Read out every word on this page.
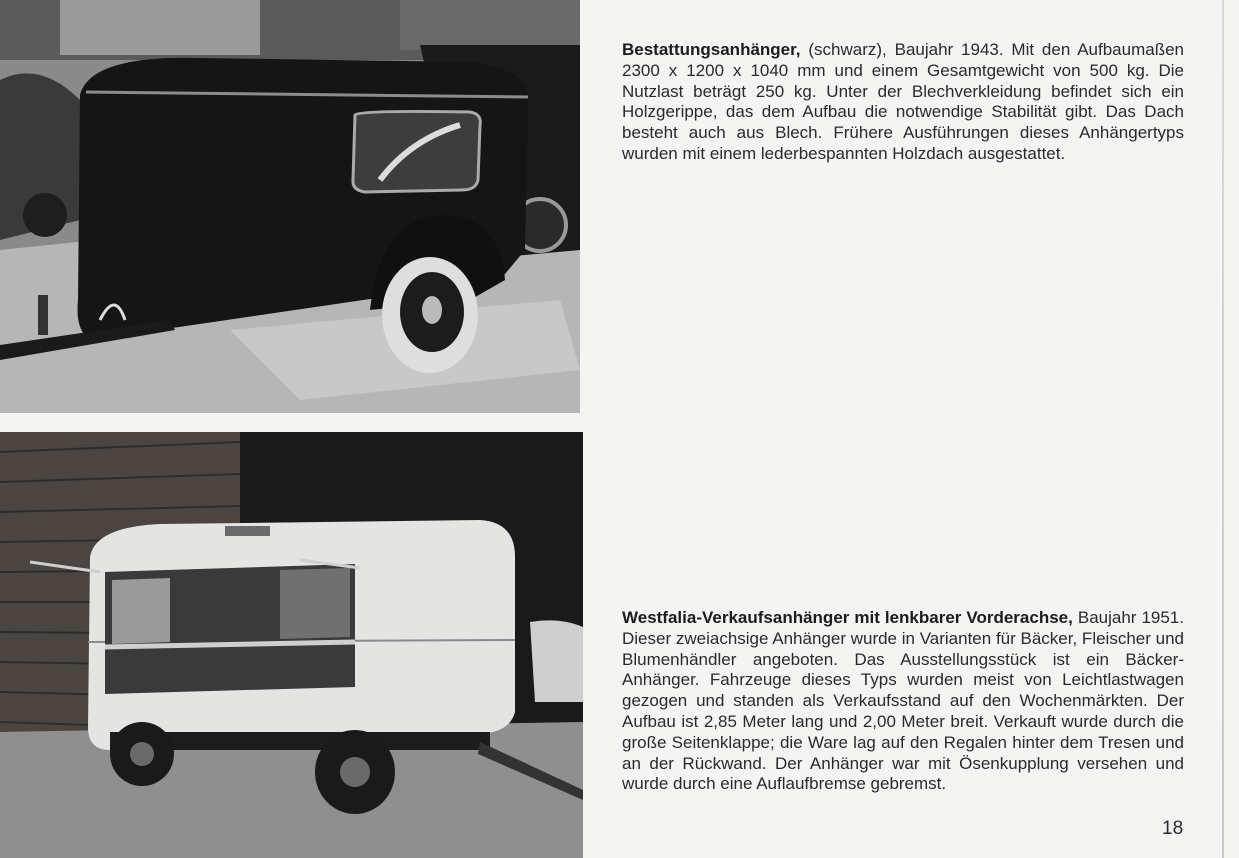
Bestattungsanhänger, (schwarz), Baujahr 1943. Mit den Aufbaumaßen 2300 x 1200 x 1040 mm und einem Gesamtgewicht von 500 kg. Die Nutzlast beträgt 250 kg. Unter der Blechverkleidung befindet sich ein Holzgerippe, das dem Aufbau die notwendige Stabilität gibt. Das Dach besteht auch aus Blech. Frühere Ausführungen dieses Anhängertyps wurden mit einem lederbespannten Holzdach ausgestattet.

Westfalia-Verkaufsanhänger mit lenkbarer Vorderachse, Baujahr 1951. Dieser zweiachsige Anhänger wurde in Varianten für Bäcker, Fleischer und Blumenhändler angeboten. Das Ausstellungsstück ist ein Bäcker-Anhänger. Fahrzeuge dieses Typs wurden meist von Leichtlastwagen gezogen und standen als Verkaufsstand auf den Wochenmärkten. Der Aufbau ist 2,85 Meter lang und 2,00 Meter breit. Verkauft wurde durch die große Seitenklappe; die Ware lag auf den Regalen hinter dem Tresen und an der Rückwand. Der Anhänger war mit Ösenkupplung versehen und wurde durch eine Auflaufbremse gebremst.

18
